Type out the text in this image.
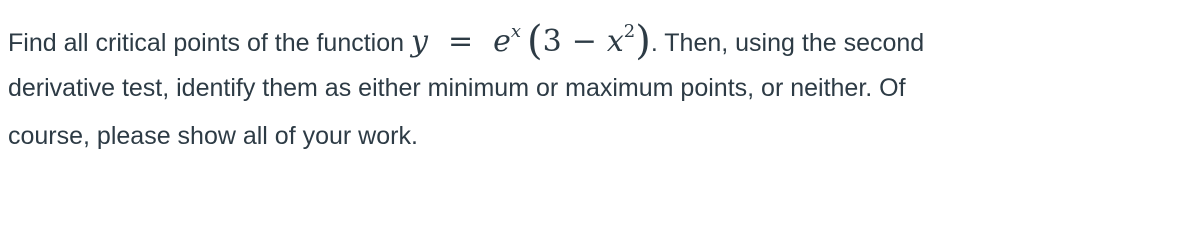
Find all critical points of the function $y = e^x$ $(3 - x^2)$. Then, using the second
derivative test, identify them as either minimum or maximum points, or neither. Of
course, please show all of your work.
